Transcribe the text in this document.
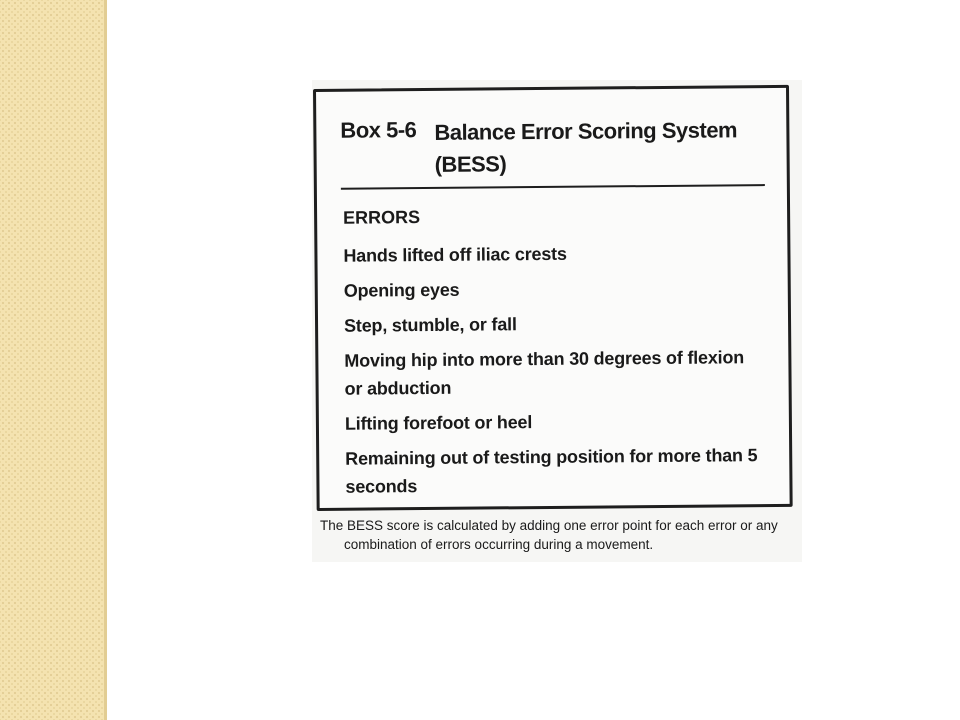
Box 5-6 Balance Error Scoring System
(BESS)
ERRORS
Hands lifted off iliac crests
Opening eyes
Step, stumble, or fall
Moving hip into more than 30 degrees of flexion or abduction
Lifting forefoot or heel
Remaining out of testing position for more than 5 seconds
The BESS score is calculated by adding one error point for each error or any combination of errors occurring during a movement.
